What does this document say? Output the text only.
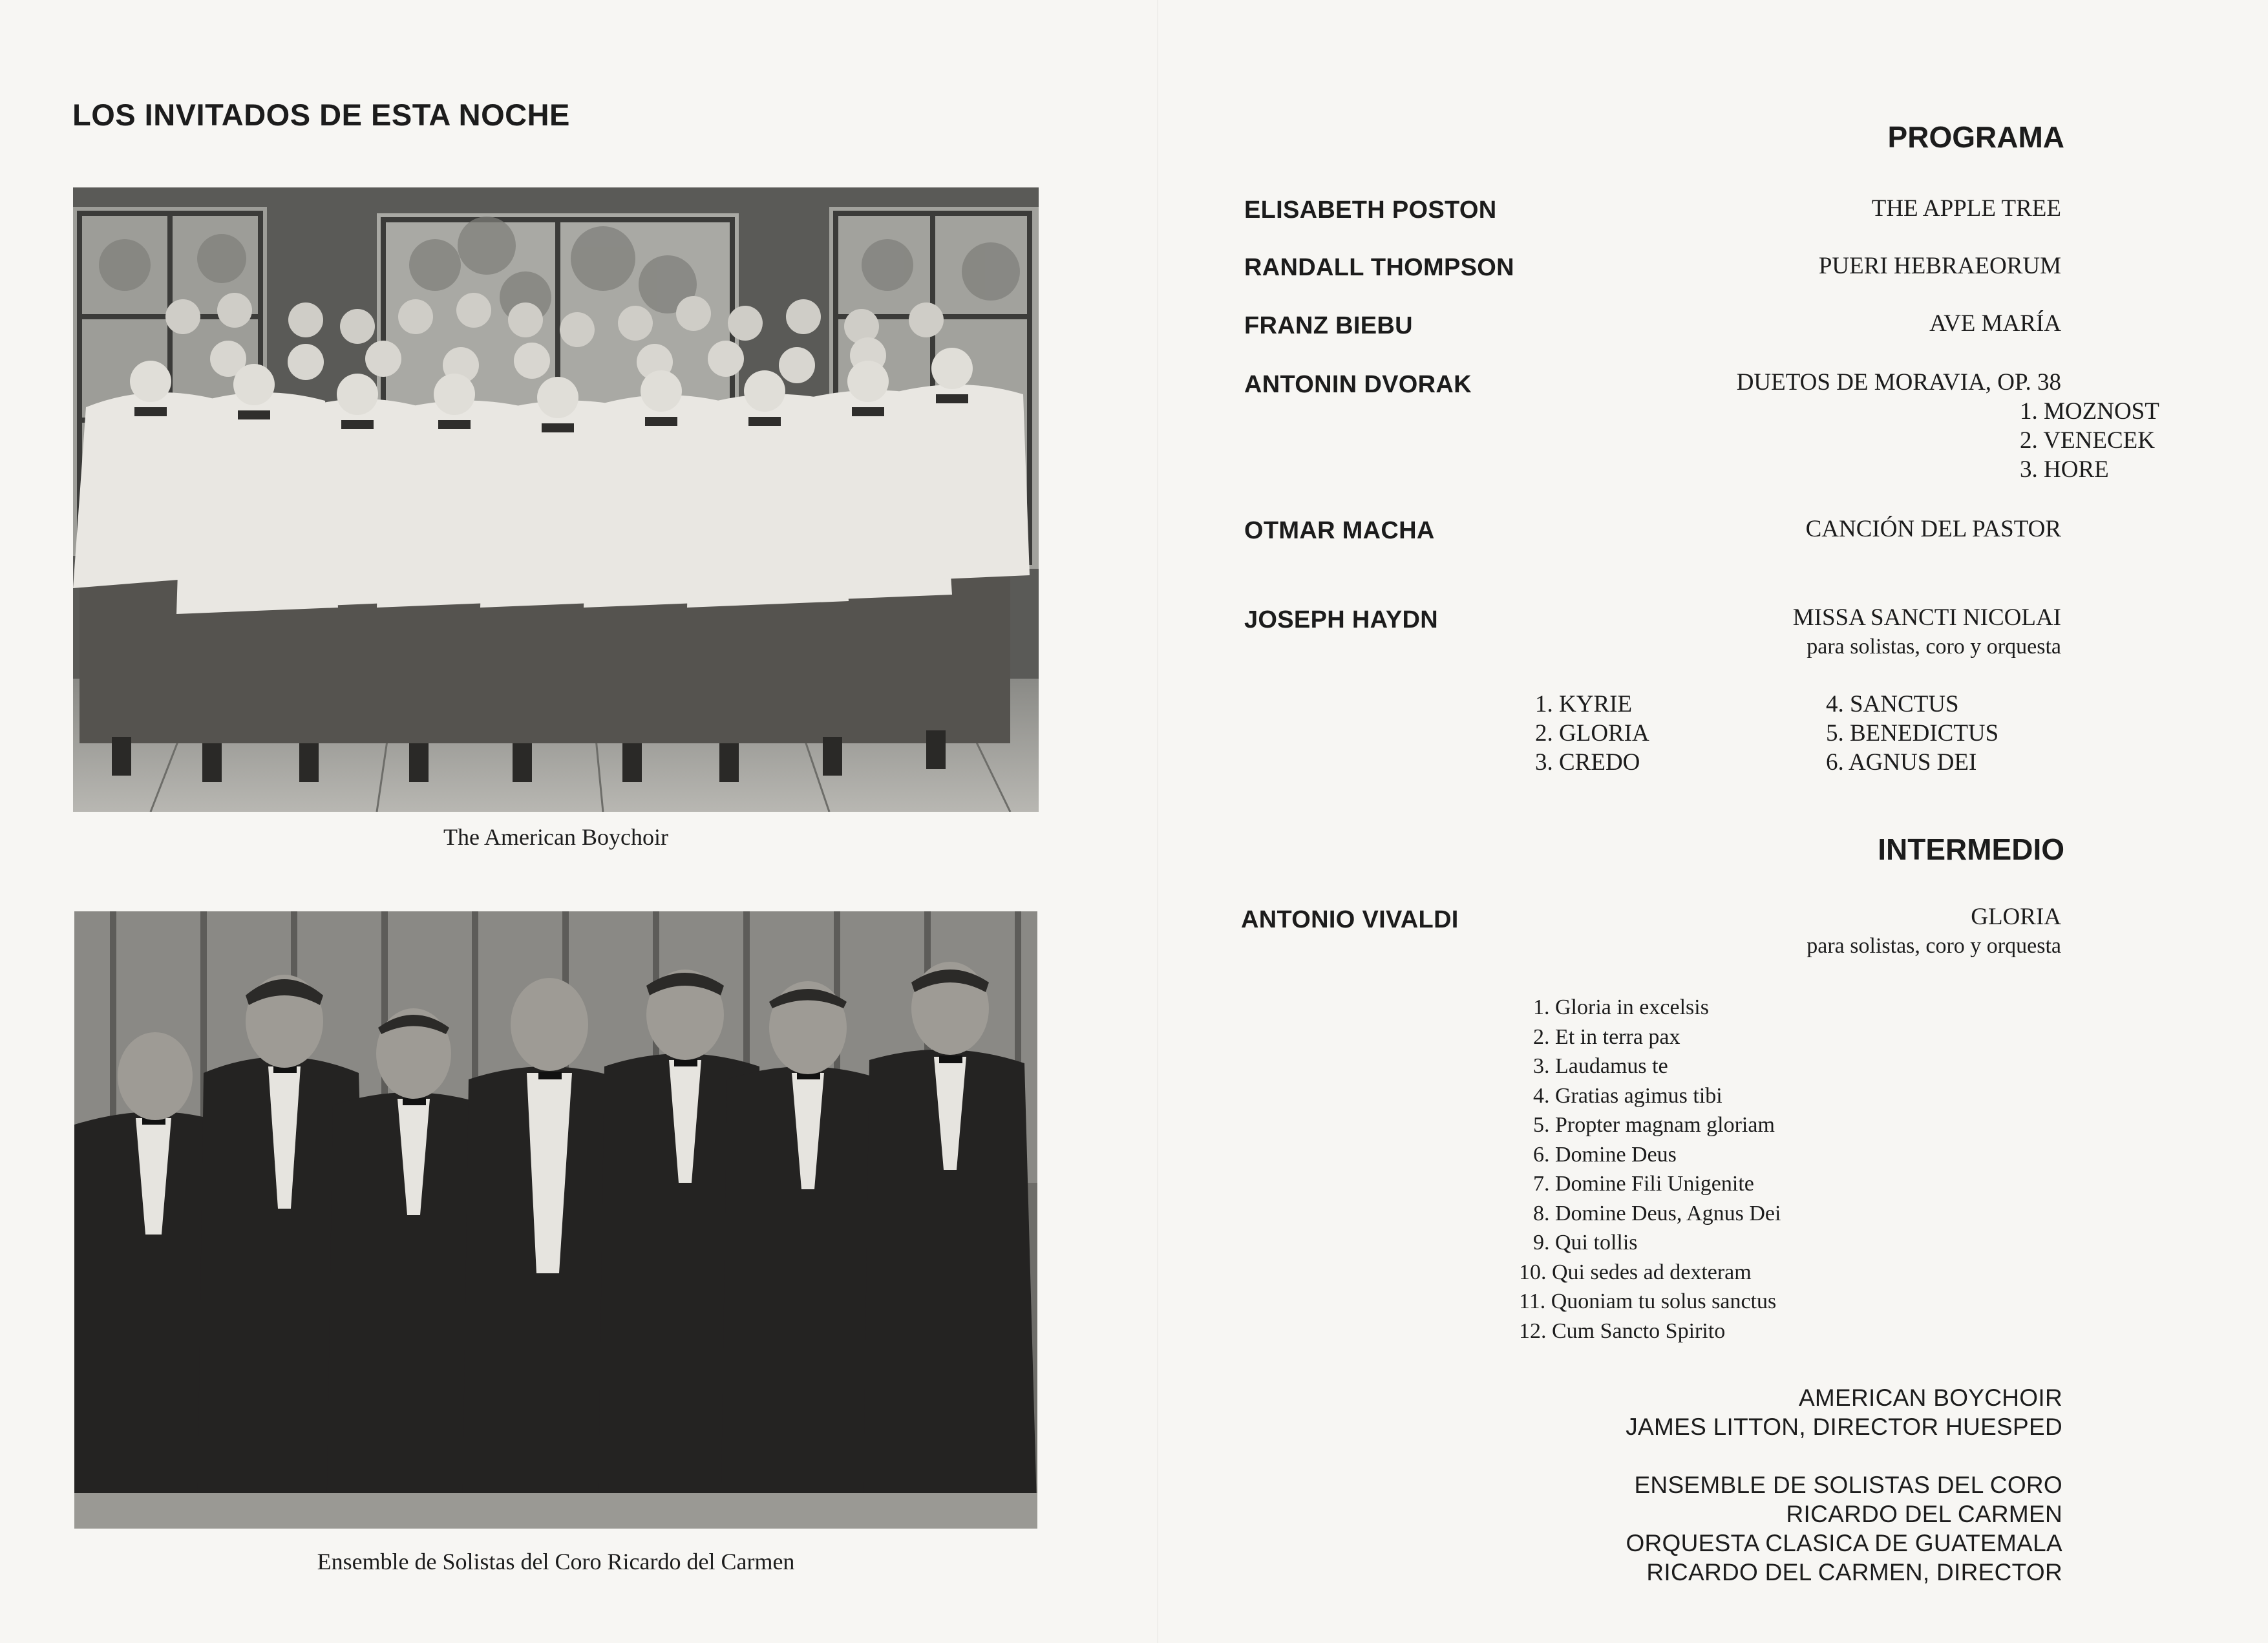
LOS INVITADOS DE ESTA NOCHE
The American Boychoir
Ensemble de Solistas del Coro Ricardo del Carmen
PROGRAMA
ELISABETH POSTON	THE APPLE TREE
RANDALL THOMPSON	PUERI HEBRAEORUM
FRANZ BIEBU	AVE MARÍA
ANTONIN DVORAK	DUETOS DE MORAVIA, OP. 38
1. MOZNOST
2. VENECEK
3. HORE
OTMAR MACHA	CANCIÓN DEL PASTOR
JOSEPH HAYDN	MISSA SANCTI NICOLAI
para solistas, coro y orquesta
1. KYRIE
2. GLORIA
3. CREDO
4. SANCTUS
5. BENEDICTUS
6. AGNUS DEI
INTERMEDIO
ANTONIO VIVALDI	GLORIA
para solistas, coro y orquesta
1. Gloria in excelsis
2. Et in terra pax
3. Laudamus te
4. Gratias agimus tibi
5. Propter magnam gloriam
6. Domine Deus
7. Domine Fili Unigenite
8. Domine Deus, Agnus Dei
9. Qui tollis
10. Qui sedes ad dexteram
11. Quoniam tu solus sanctus
12. Cum Sancto Spirito
AMERICAN BOYCHOIR
JAMES LITTON, DIRECTOR HUESPED
ENSEMBLE DE SOLISTAS DEL CORO
RICARDO DEL CARMEN
ORQUESTA CLASICA DE GUATEMALA
RICARDO DEL CARMEN, DIRECTOR
